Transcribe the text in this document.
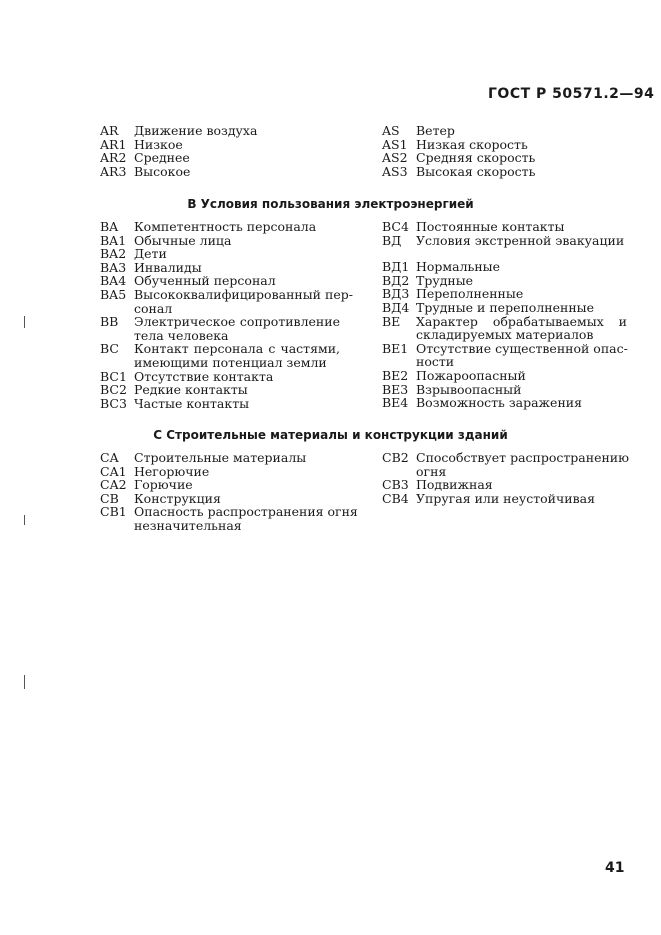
ГОСТ Р 50571.2—94
AR Движение воздуха
AR1 Низкое
AR2 Среднее
AR3 Высокое
AS Ветер
AS1 Низкая скорость
AS2 Средняя скорость
AS3 Высокая скорость
B Условия пользования электроэнергией
BA Компетентность персонала
BA1 Обычные лица
BA2 Дети
BA3 Инвалиды
BA4 Обученный персонал
BA5 Высококвалифицированный пер-
сонал
BB Электрическое сопротивление
тела человека
BC Контакт персонала с частями,
имеющими потенциал земли
BC1 Отсутствие контакта
BC2 Редкие контакты
BC3 Частые контакты
BC4 Постоянные контакты
BД Условия экстренной эвакуации
BД1 Нормальные
BД2 Трудные
BД3 Переполненные
BД4 Трудные и переполненные
BE Характер обрабатываемых и
складируемых материалов
BE1 Отсутствие существенной опас-
ности
BE2 Пожароопасный
BE3 Взрывоопасный
BE4 Возможность заражения
C Строительные материалы и конструкции зданий
CA Строительные материалы
CA1 Негорючие
CA2 Горючие
CB Конструкция
CB1 Опасность распространения огня
незначительная
CB2 Способствует распространению
огня
CB3 Подвижная
CB4 Упругая или неустойчивая
41
